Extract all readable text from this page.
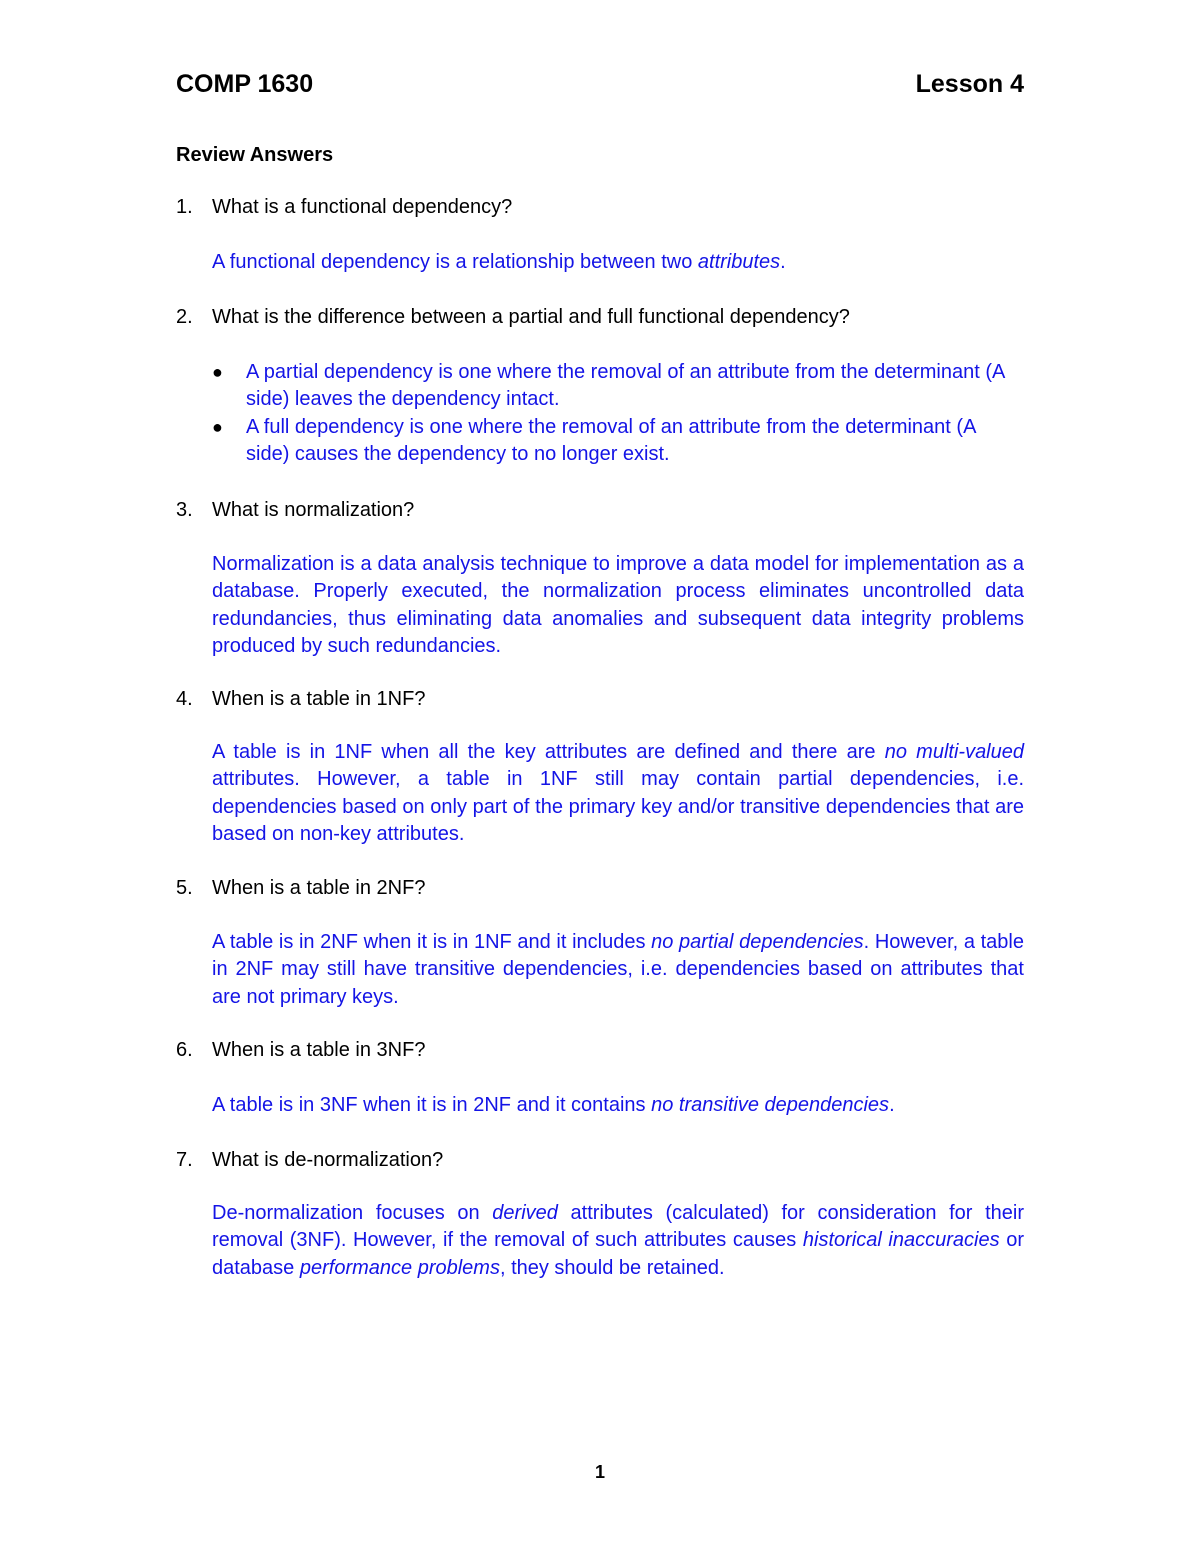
COMP 1630	Lesson 4
Review Answers
1. What is a functional dependency?
A functional dependency is a relationship between two attributes.
2. What is the difference between a partial and full functional dependency?
●	A partial dependency is one where the removal of an attribute from the determinant (A side) leaves the dependency intact.
●	A full dependency is one where the removal of an attribute from the determinant (A side) causes the dependency to no longer exist.
3. What is normalization?
Normalization is a data analysis technique to improve a data model for implementation as a database. Properly executed, the normalization process eliminates uncontrolled data redundancies, thus eliminating data anomalies and subsequent data integrity problems produced by such redundancies.
4. When is a table in 1NF?
A table is in 1NF when all the key attributes are defined and there are no multi-valued attributes. However, a table in 1NF still may contain partial dependencies, i.e. dependencies based on only part of the primary key and/or transitive dependencies that are based on non-key attributes.
5. When is a table in 2NF?
A table is in 2NF when it is in 1NF and it includes no partial dependencies. However, a table in 2NF may still have transitive dependencies, i.e. dependencies based on attributes that are not primary keys.
6. When is a table in 3NF?
A table is in 3NF when it is in 2NF and it contains no transitive dependencies.
7. What is de-normalization?
De-normalization focuses on derived attributes (calculated) for consideration for their removal (3NF). However, if the removal of such attributes causes historical inaccuracies or database performance problems, they should be retained.
1
